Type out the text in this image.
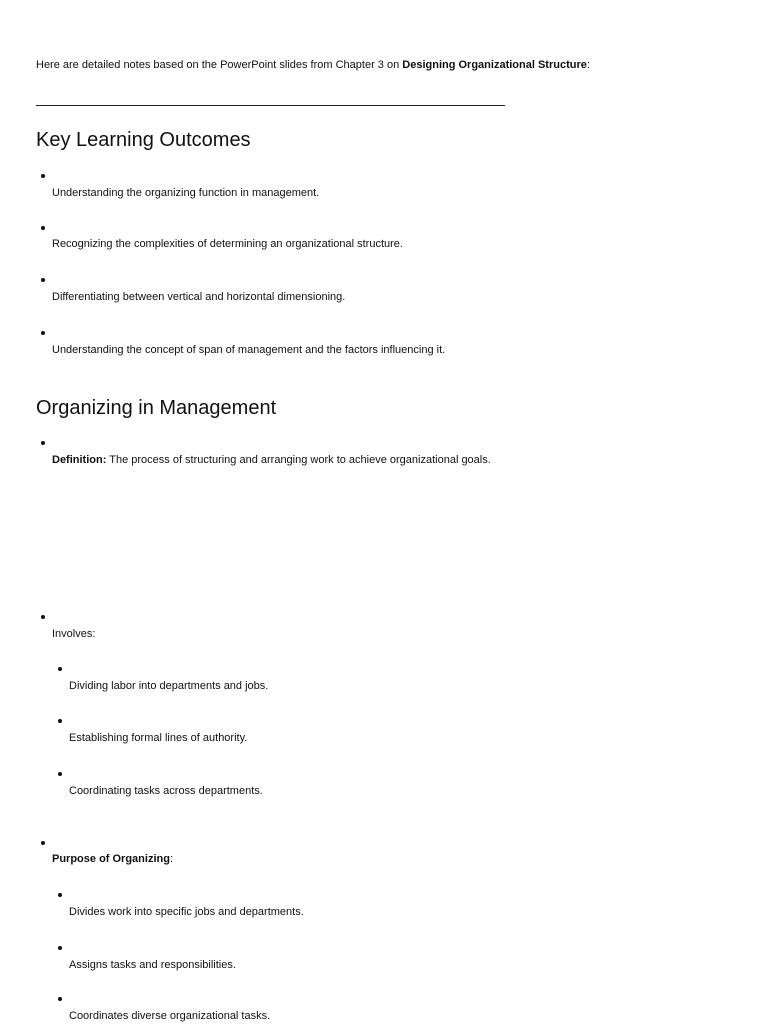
Here are detailed notes based on the PowerPoint slides from Chapter 3 on Designing Organizational Structure:
Key Learning Outcomes
Understanding the organizing function in management.
Recognizing the complexities of determining an organizational structure.
Differentiating between vertical and horizontal dimensioning.
Understanding the concept of span of management and the factors influencing it.
Organizing in Management
Definition: The process of structuring and arranging work to achieve organizational goals.
Involves:
Dividing labor into departments and jobs.
Establishing formal lines of authority.
Coordinating tasks across departments.
Purpose of Organizing:
Divides work into specific jobs and departments.
Assigns tasks and responsibilities.
Coordinates diverse organizational tasks.
